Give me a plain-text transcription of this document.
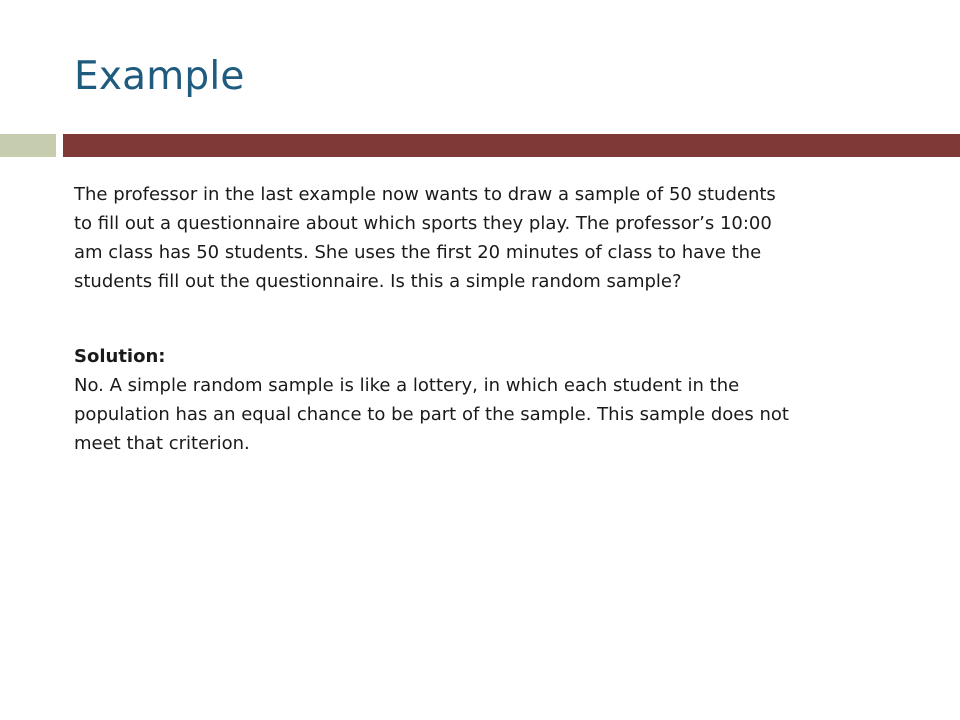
Example

The professor in the last example now wants to draw a sample of 50 students
to fill out a questionnaire about which sports they play. The professor’s 10:00
am class has 50 students. She uses the first 20 minutes of class to have the
students fill out the questionnaire. Is this a simple random sample?

Solution:
No. A simple random sample is like a lottery, in which each student in the
population has an equal chance to be part of the sample. This sample does not
meet that criterion.
